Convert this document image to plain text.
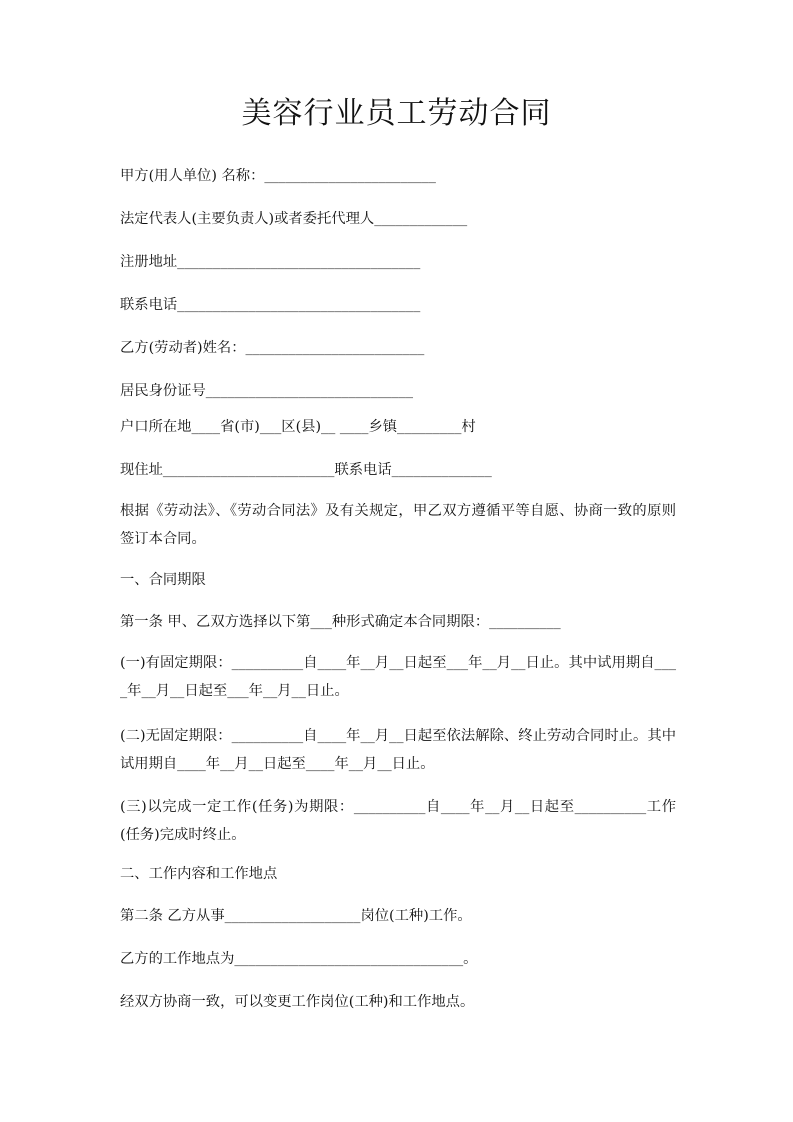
美容行业员工劳动合同
甲方(用人单位) 名称：________________________
法定代表人(主要负责人)或者委托代理人_____________
注册地址__________________________________
联系电话__________________________________
乙方(劳动者)姓名：_________________________
居民身份证号_____________________________
户口所在地____省(市)___区(县)__ ____乡镇_________村
现住址________________________联系电话______________
根据《劳动法》、《劳动合同法》及有关规定，甲乙双方遵循平等自愿、协商一致的原则签订本合同。
一、合同期限
第一条 甲、乙双方选择以下第___种形式确定本合同期限：__________
(一)有固定期限：__________自____年__月__日起至___年__月__日止。其中试用期自____年__月__日起至___年__月__日止。
(二)无固定期限：__________自____年__月__日起至依法解除、终止劳动合同时止。其中试用期自____年__月__日起至____年__月__日止。
(三)以完成一定工作(任务)为期限：__________自____年__月__日起至__________工作(任务)完成时终止。
二、工作内容和工作地点
第二条 乙方从事___________________岗位(工种)工作。
乙方的工作地点为________________________________。
经双方协商一致，可以变更工作岗位(工种)和工作地点。
